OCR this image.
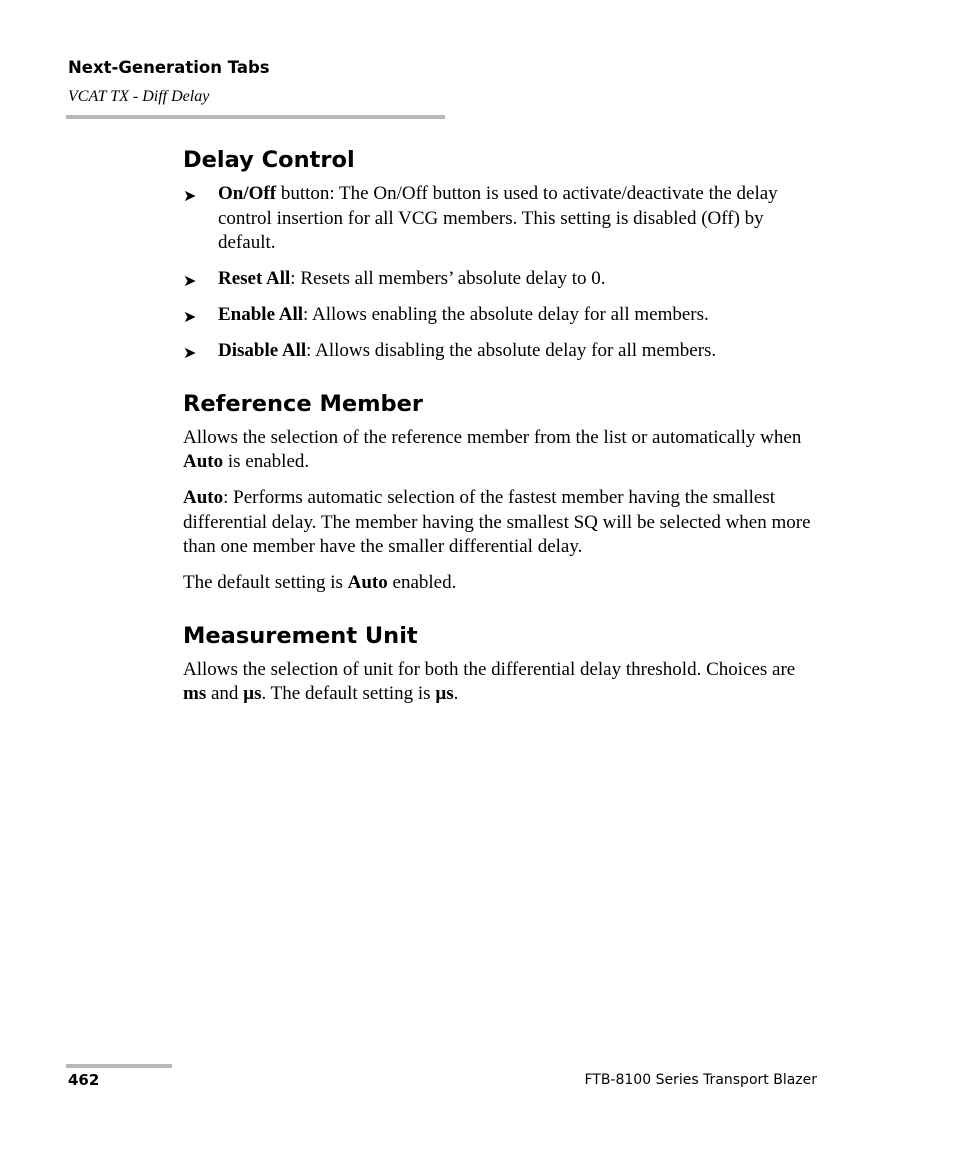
Next-Generation Tabs
VCAT TX - Diff Delay
Delay Control
➤ On/Off button: The On/Off button is used to activate/deactivate the delay control insertion for all VCG members. This setting is disabled (Off) by default.
➤ Reset All: Resets all members’ absolute delay to 0.
➤ Enable All: Allows enabling the absolute delay for all members.
➤ Disable All: Allows disabling the absolute delay for all members.
Reference Member

Allows the selection of the reference member from the list or automatically when Auto is enabled.

Auto: Performs automatic selection of the fastest member having the smallest differential delay. The member having the smallest SQ will be selected when more than one member have the smaller differential delay.

The default setting is Auto enabled.

Measurement Unit

Allows the selection of unit for both the differential delay threshold. Choices are ms and µs. The default setting is µs.

462	FTB-8100 Series Transport Blazer
